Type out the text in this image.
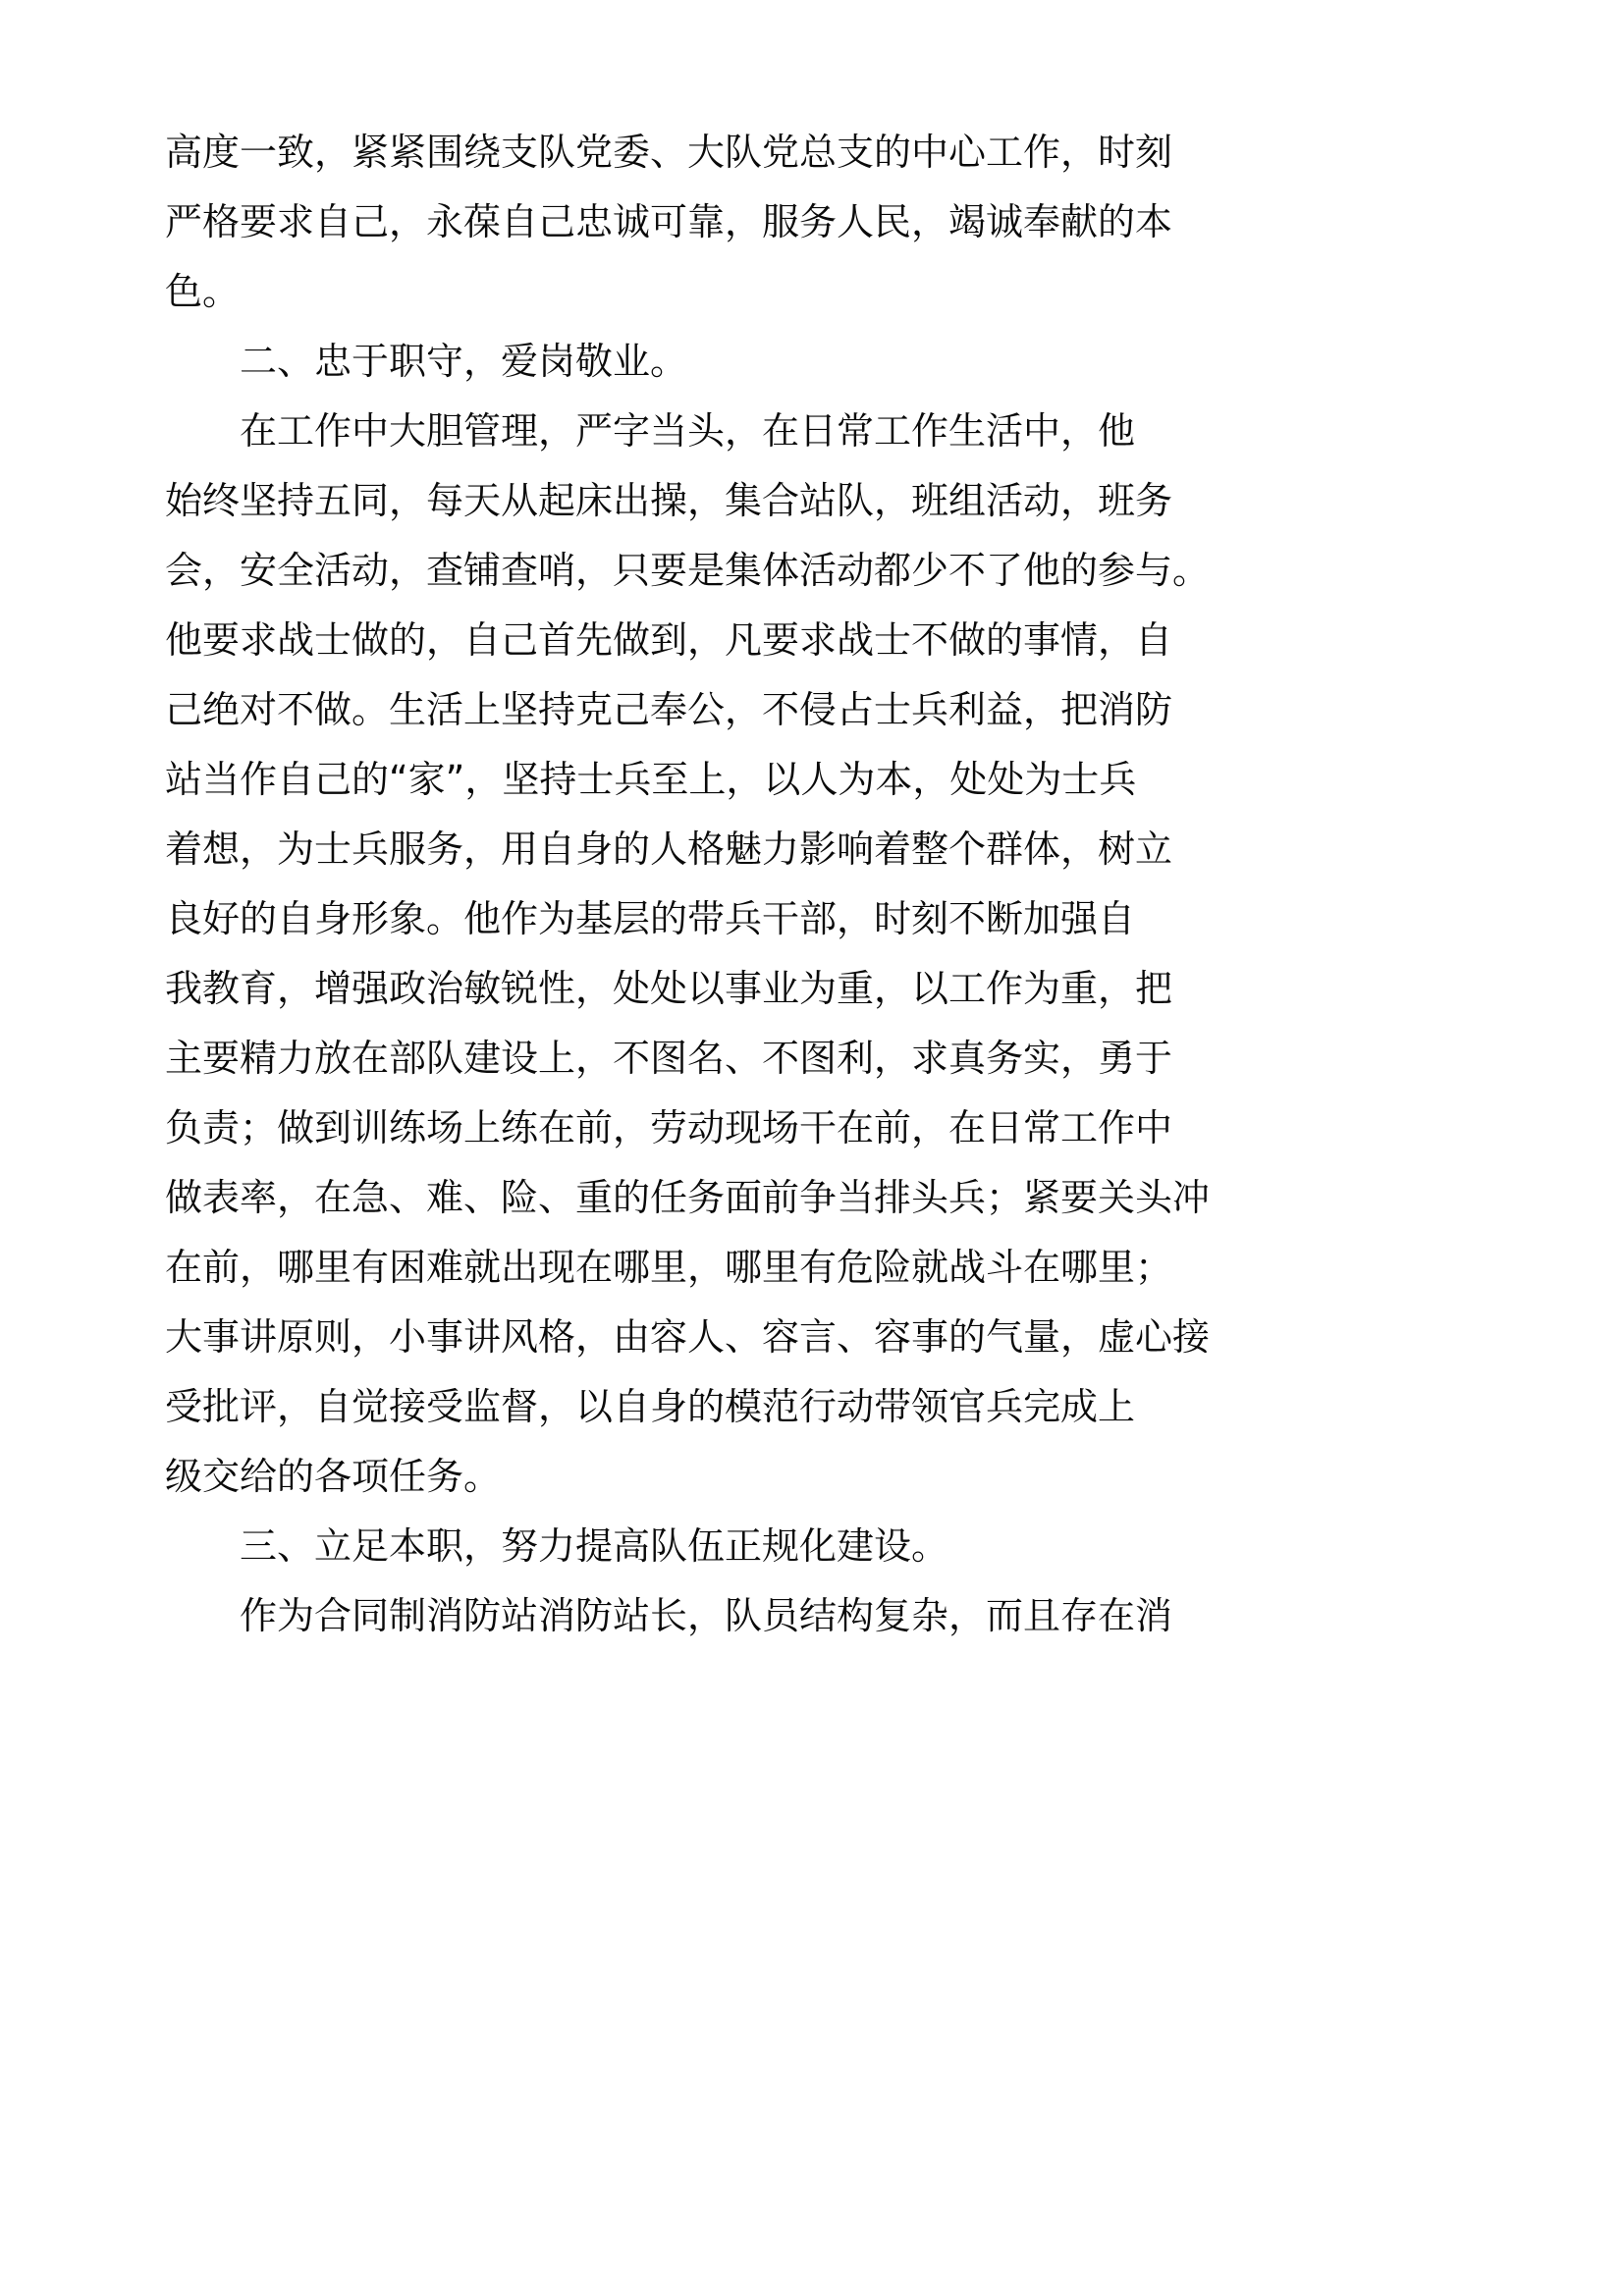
高度一致，紧紧围绕支队党委、大队党总支的中心工作，时刻
严格要求自己，永葆自己忠诚可靠，服务人民，竭诚奉献的本
色。
二、忠于职守，爱岗敬业。
在工作中大胆管理，严字当头，在日常工作生活中，他
始终坚持五同，每天从起床出操，集合站队，班组活动，班务
会，安全活动，查铺查哨，只要是集体活动都少不了他的参与。
他要求战士做的，自己首先做到，凡要求战士不做的事情，自
己绝对不做。生活上坚持克己奉公，不侵占士兵利益，把消防
站当作自己的“家”，坚持士兵至上，以人为本，处处为士兵
着想，为士兵服务，用自身的人格魅力影响着整个群体，树立
良好的自身形象。他作为基层的带兵干部，时刻不断加强自
我教育，增强政治敏锐性，处处以事业为重，以工作为重，把
主要精力放在部队建设上，不图名、不图利，求真务实，勇于
负责；做到训练场上练在前，劳动现场干在前，在日常工作中
做表率，在急、难、险、重的任务面前争当排头兵；紧要关头冲
在前，哪里有困难就出现在哪里，哪里有危险就战斗在哪里；
大事讲原则，小事讲风格，由容人、容言、容事的气量，虚心接
受批评，自觉接受监督，以自身的模范行动带领官兵完成上
级交给的各项任务。
三、立足本职，努力提高队伍正规化建设。
作为合同制消防站消防站长，队员结构复杂，而且存在消
